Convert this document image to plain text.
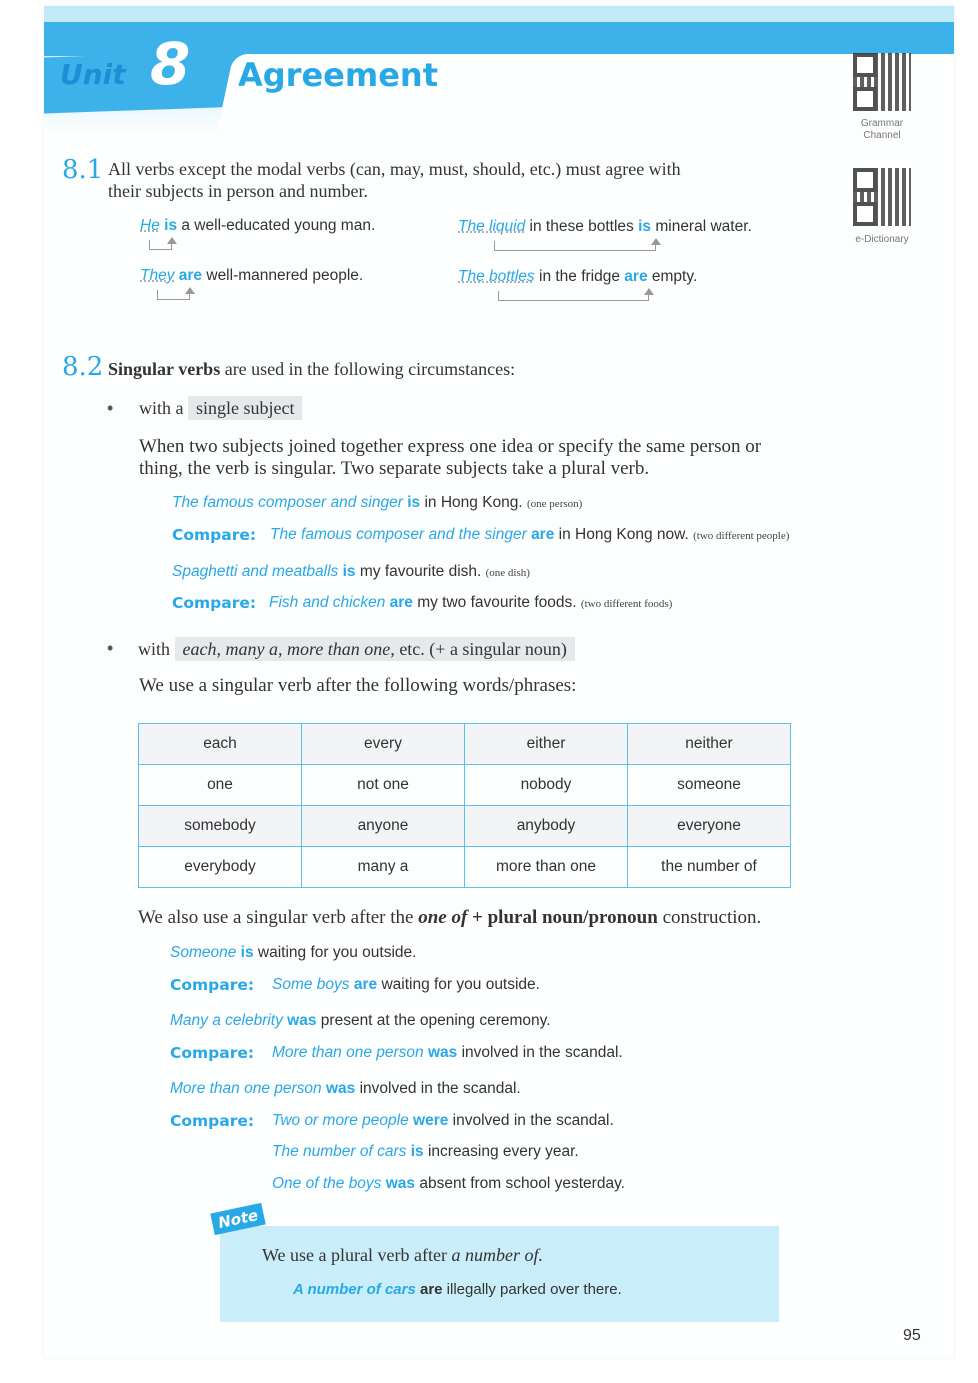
Unit 8 Agreement
Grammar Channel
e-Dictionary
8.1 All verbs except the modal verbs (can, may, must, should, etc.) must agree with
their subjects in person and number.
8.2 Singular verbs are used in the following circumstances:
• with a single subject
When two subjects joined together express one idea or specify the same person or
thing, the verb is singular. Two separate subjects take a plural verb.
• with each, many a, more than one, etc. (+ a singular noun)
We use a singular verb after the following words/phrases:
each	every	either	neither
one	not one	nobody	someone
somebody	anyone	anybody	everyone
everybody	many a	more than one	the number of
We also use a singular verb after the one of + plural noun/pronoun construction.
Note
We use a plural verb after a number of.
A number of cars are illegally parked over there.
95
He is a well-educated young man.	The liquid in these bottles is mineral water.
They are well-mannered people.	The bottles in the fridge are empty.
The famous composer and singer is in Hong Kong. (one person)
Compare: The famous composer and the singer are in Hong Kong now. (two different people)
Spaghetti and meatballs is my favourite dish. (one dish)
Compare: Fish and chicken are my two favourite foods. (two different foods)
Someone is waiting for you outside.
Compare: Some boys are waiting for you outside.
Many a celebrity was present at the opening ceremony.
Compare: More than one person was involved in the scandal.
More than one person was involved in the scandal.
Compare: Two or more people were involved in the scandal.
The number of cars is increasing every year.
One of the boys was absent from school yesterday.
